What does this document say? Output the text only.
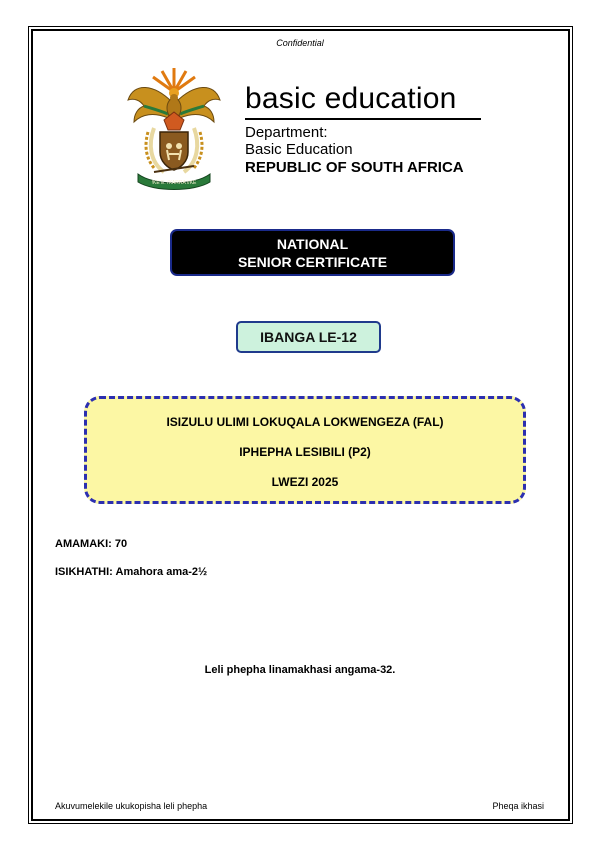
Confidential
!KE E: /XARRA //KE
basic education
Department:
Basic Education
REPUBLIC OF SOUTH AFRICA
NATIONAL
SENIOR CERTIFICATE
IBANGA LE-12
ISIZULU ULIMI LOKUQALA LOKWENGEZA (FAL)
IPHEPHA LESIBILI (P2)
LWEZI 2025
AMAMAKI: 70
ISIKHATHI: Amahora ama-2½
Leli phepha linamakhasi angama-32.
Akuvumelekile ukukopisha leli phepha	Pheqa ikhasi
